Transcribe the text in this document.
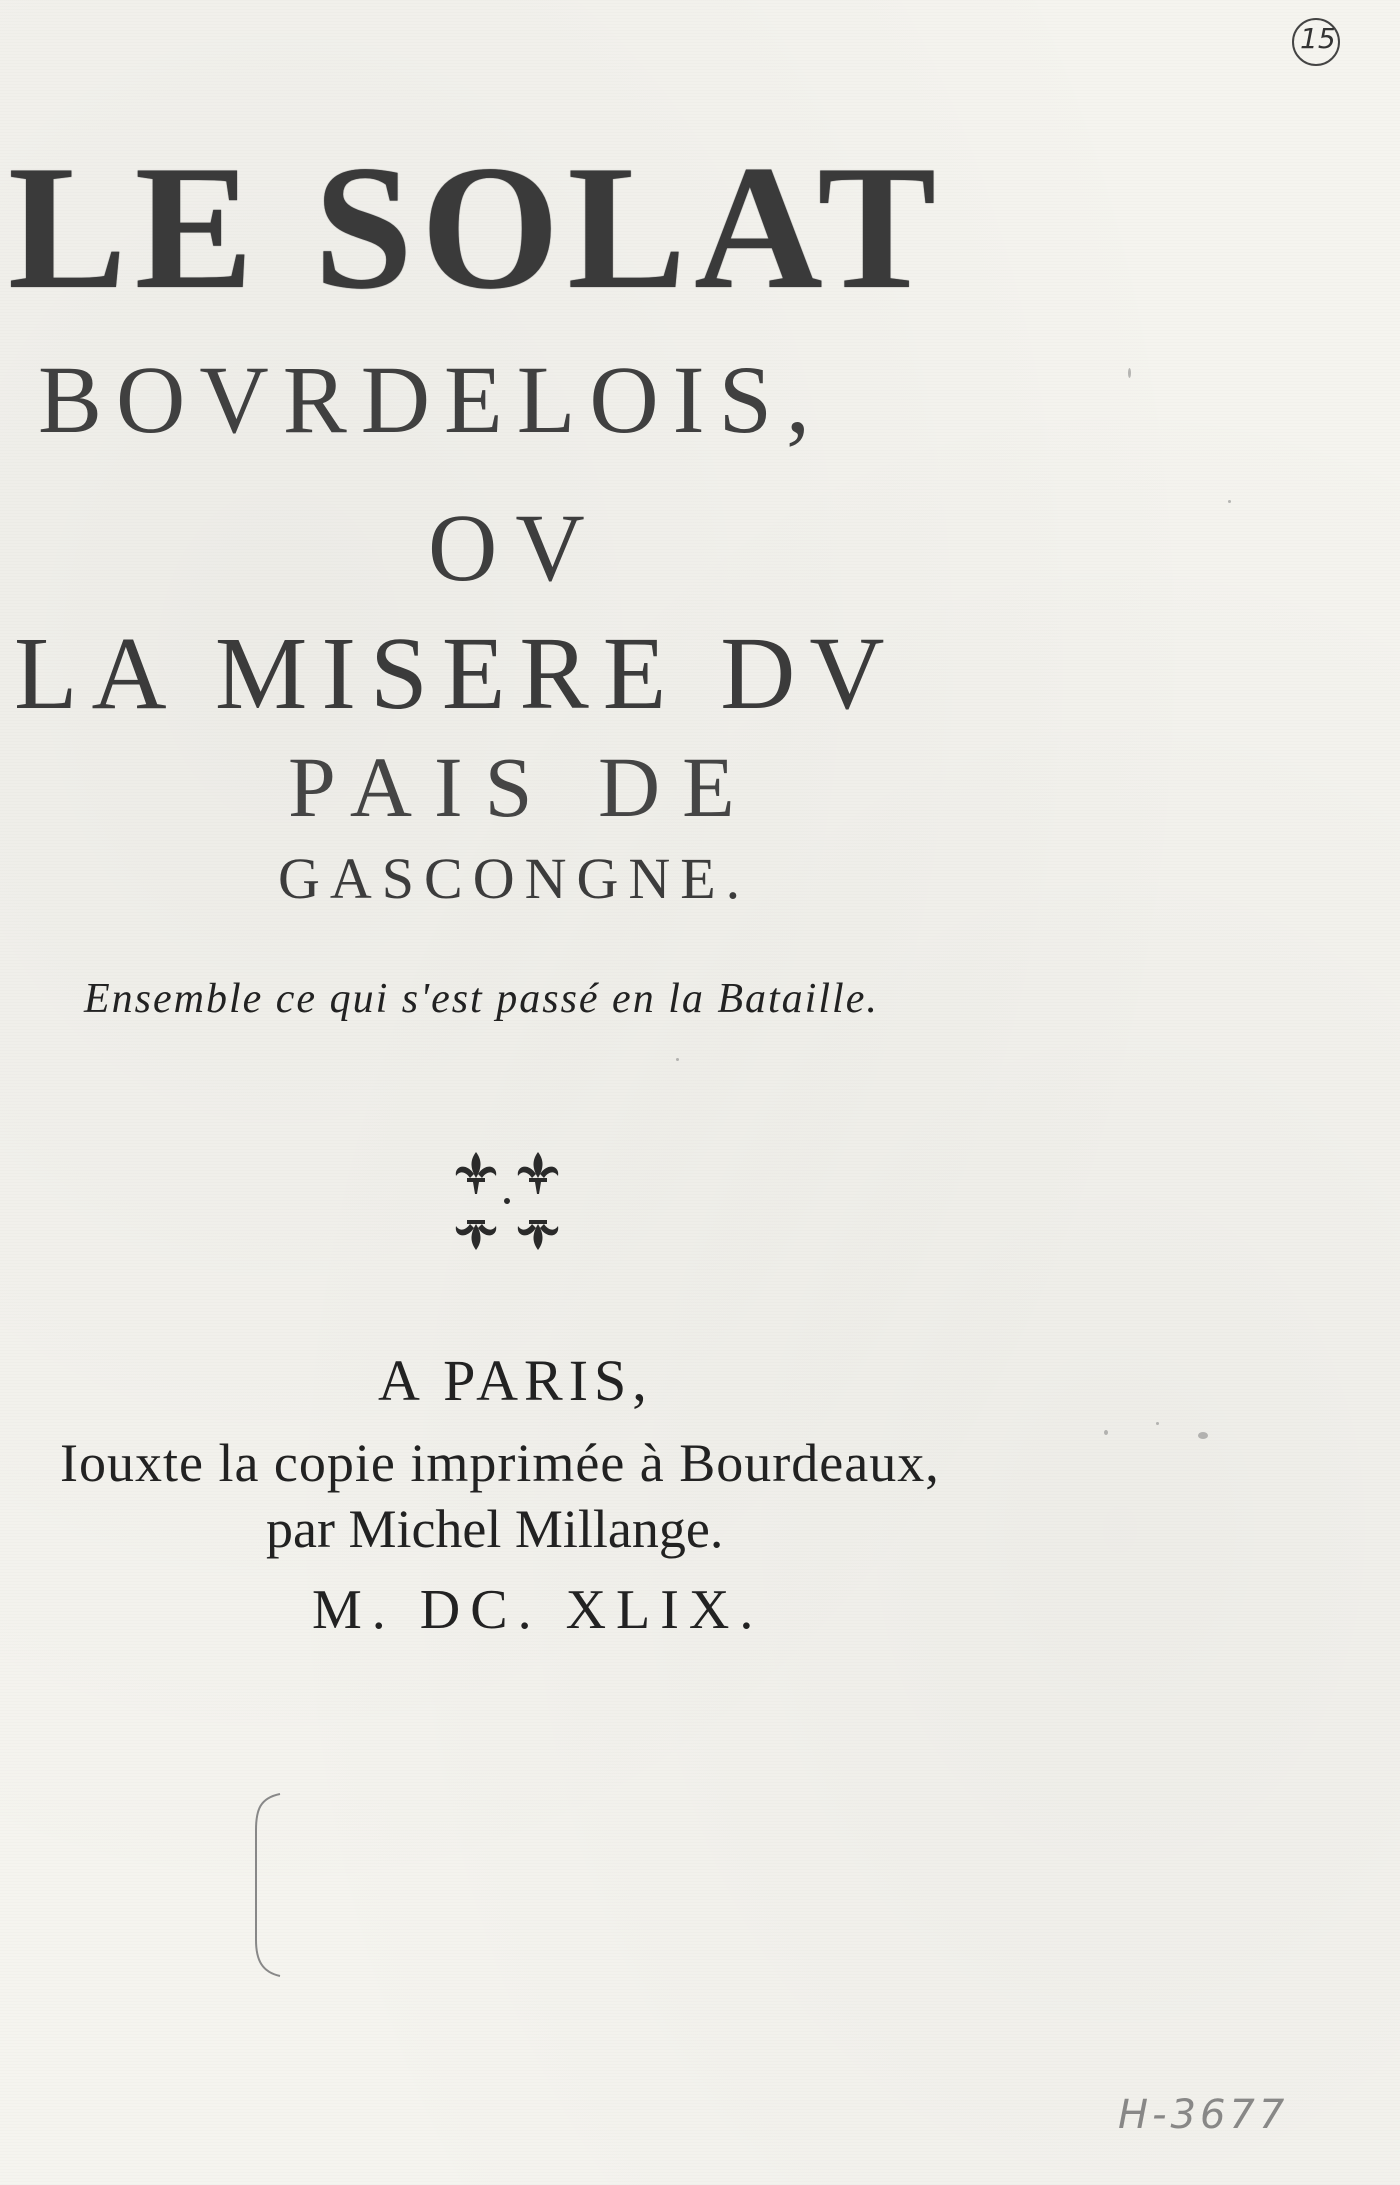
15
LE SOLAT
BOVRDELOIS,
OV
LA MISERE DV
PAIS DE
GASCONGNE.
Ensemble ce qui s'est passé en la Bataille.
A PARIS,
Iouxte la copie imprimée à Bourdeaux,
par Michel Millange.
M. DC. XLIX.
H-3677
